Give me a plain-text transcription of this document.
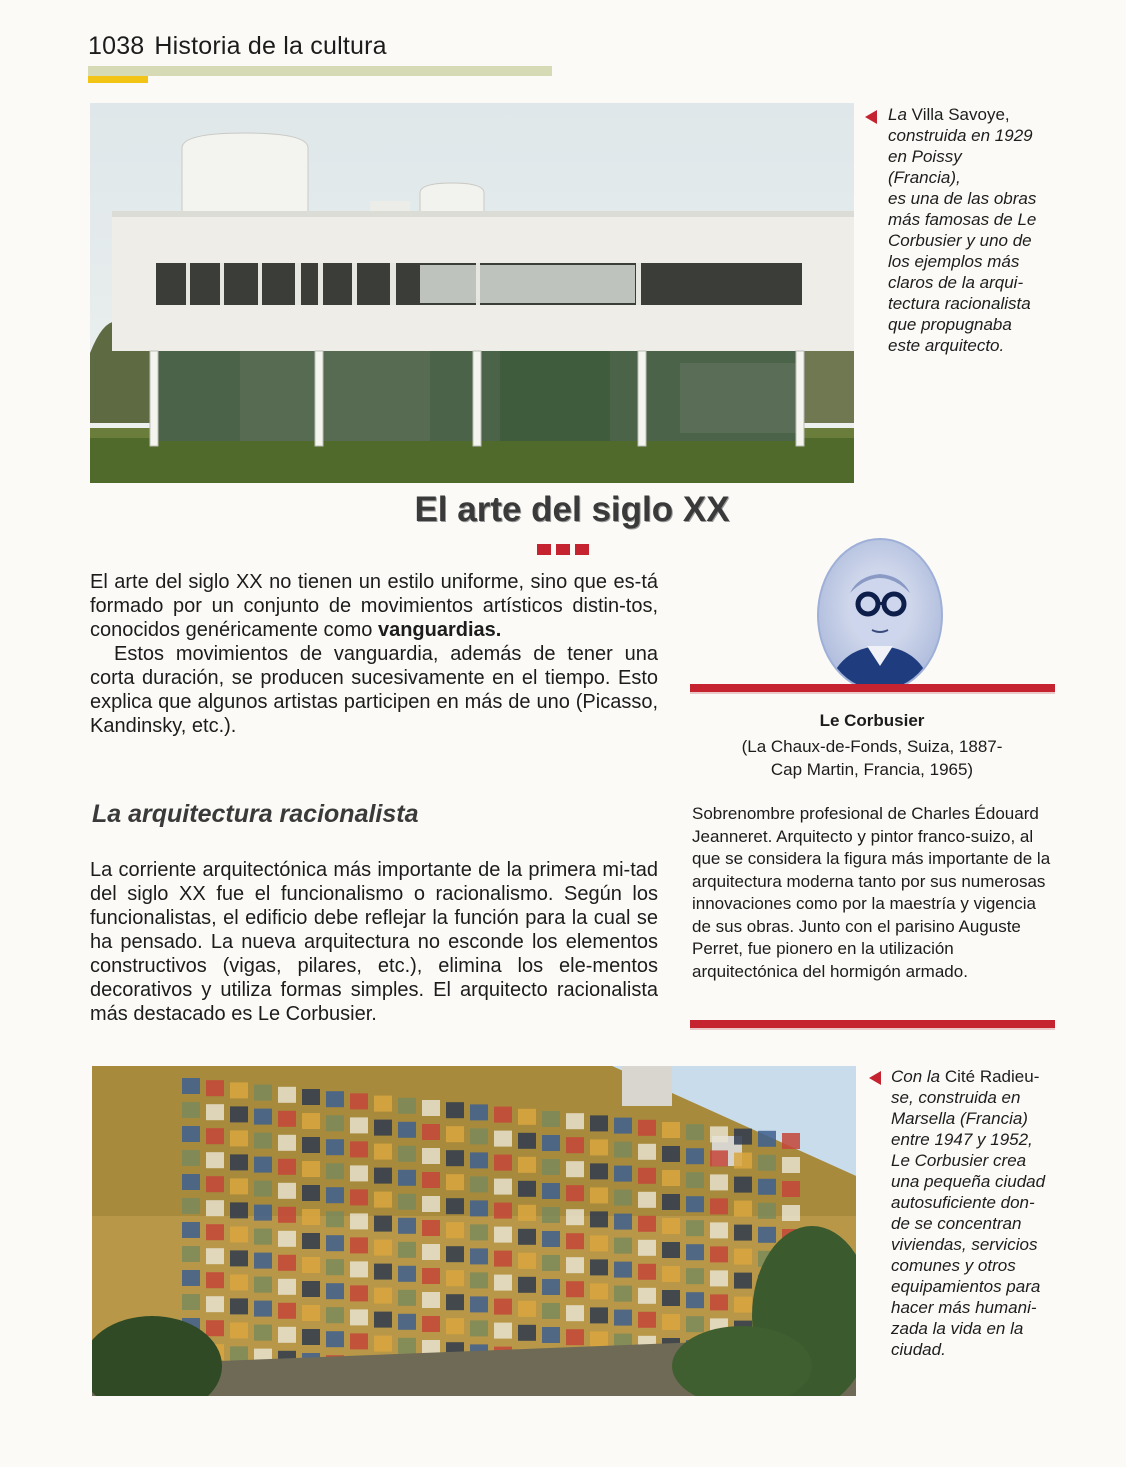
1038 Historia de la cultura
La Villa Savoye,
construida en 1929
en Poissy (Francia),
es una de las obras
más famosas de Le
Corbusier y uno de
los ejemplos más
claros de la arqui-
tectura racionalista
que propugnaba
este arquitecto.
El arte del siglo XX

El arte del siglo XX no tienen un estilo uniforme, sino que es-tá formado por un conjunto de movimientos artísticos distin-tos, conocidos genéricamente como vanguardias.

Estos movimientos de vanguardia, además de tener una corta duración, se producen sucesivamente en el tiempo. Esto explica que algunos artistas participen en más de uno (Picasso, Kandinsky, etc.).

La arquitectura racionalista

La corriente arquitectónica más importante de la primera mi-tad del siglo XX fue el funcionalismo o racionalismo. Según los funcionalistas, el edificio debe reflejar la función para la cual se ha pensado. La nueva arquitectura no esconde los elementos constructivos (vigas, pilares, etc.), elimina los ele-mentos decorativos y utiliza formas simples. El arquitecto racionalista más destacado es Le Corbusier.

Le Corbusier
(La Chaux-de-Fonds, Suiza, 1887-
Cap Martin, Francia, 1965)
Sobrenombre profesional de Charles Édouard Jeanneret. Arquitecto y pintor franco-suizo, al que se considera la figura más importante de la arquitectura moderna tanto por sus numerosas innovaciones como por la maestría y vigencia de sus obras. Junto con el parisino Auguste Perret, fue pionero en la utilización arquitectónica del hormigón armado.
Con la Cité Radieu-
se, construida en
Marsella (Francia)
entre 1947 y 1952,
Le Corbusier crea
una pequeña ciudad
autosuficiente don-
de se concentran
viviendas, servicios
comunes y otros
equipamientos para
hacer más humani-
zada la vida en la
ciudad.
